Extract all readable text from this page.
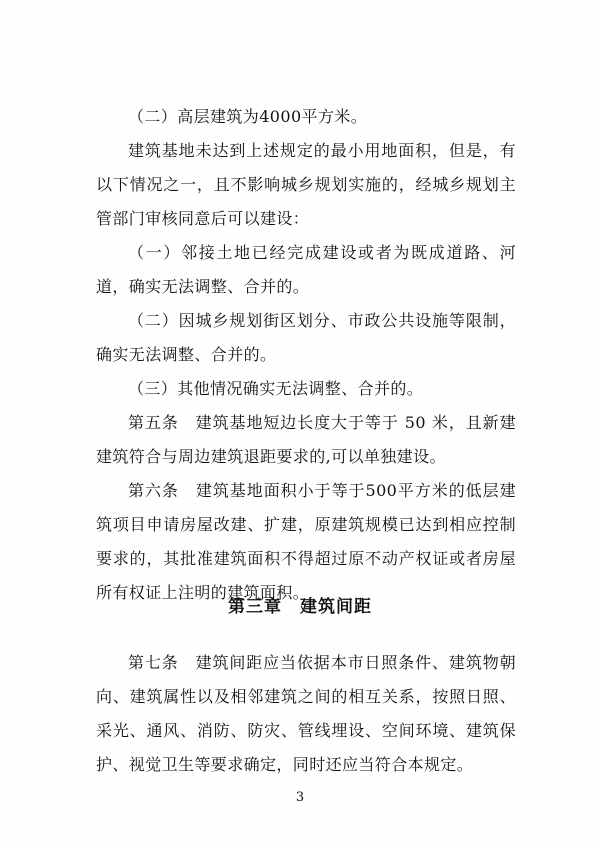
（二）高层建筑为4000平方米。

建筑基地未达到上述规定的最小用地面积，但是，有以下情况之一，且不影响城乡规划实施的，经城乡规划主管部门审核同意后可以建设：

（一）邻接土地已经完成建设或者为既成道路、河道，确实无法调整、合并的。

（二）因城乡规划街区划分、市政公共设施等限制，确实无法调整、合并的。

（三）其他情况确实无法调整、合并的。

第五条　建筑基地短边长度大于等于 50 米，且新建建筑符合与周边建筑退距要求的,可以单独建设。

第六条　建筑基地面积小于等于500平方米的低层建筑项目申请房屋改建、扩建，原建筑规模已达到相应控制要求的，其批准建筑面积不得超过原不动产权证或者房屋所有权证上注明的建筑面积。

第三章　建筑间距

第七条　建筑间距应当依据本市日照条件、建筑物朝向、建筑属性以及相邻建筑之间的相互关系，按照日照、采光、通风、消防、防灾、管线埋设、空间环境、建筑保护、视觉卫生等要求确定，同时还应当符合本规定。

3
